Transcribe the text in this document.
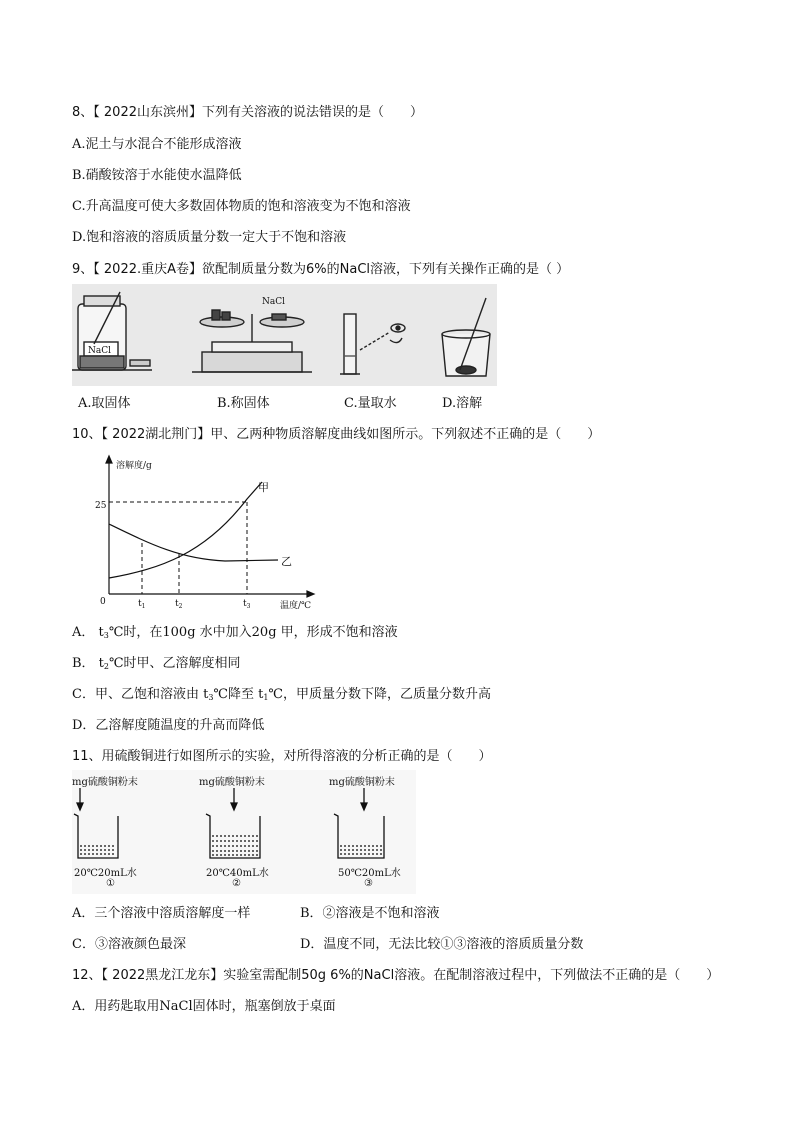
8、【 2022山东滨州】下列有关溶液的说法错误的是（　　）
A.泥土与水混合不能形成溶液
B.硝酸铵溶于水能使水温降低
C.升高温度可使大多数固体物质的饱和溶液变为不饱和溶液
D.饱和溶液的溶质质量分数一定大于不饱和溶液
9、【 2022.重庆A卷】欲配制质量分数为6%的NaCl溶液，下列有关操作正确的是（ ）
NaCl
NaCl
A.取固体	B.称固体	C.量取水	D.溶解
10、【 2022湖北荆门】甲、乙两种物质溶解度曲线如图所示。下列叙述不正确的是（　　）
溶解度/g
25
0
甲
乙
$t_1$	$t_2$	$t_3$	温度/℃
A． $t_3℃$时，在100g 水中加入20g 甲，形成不饱和溶液
B． $t_2℃$时甲、乙溶解度相同
C．甲、乙饱和溶液由 $t_3℃$降至 $t_1℃$，甲质量分数下降，乙质量分数升高
D．乙溶解度随温度的升高而降低
11、用硫酸铜进行如图所示的实验，对所得溶液的分析正确的是（　　）
mg硫酸铜粉末	mg硫酸铜粉末	mg硫酸铜粉末
20℃20mL水	20℃40mL水	50℃20mL水
①	②	③
A．三个溶液中溶质溶解度一样	B．②溶液是不饱和溶液
C．③溶液颜色最深	D．温度不同，无法比较①③溶液的溶质质量分数
12、【 2022黑龙江龙东】实验室需配制50g 6%的NaCl溶液。在配制溶液过程中，下列做法不正确的是（　　）
A．用药匙取用NaCl固体时，瓶塞倒放于桌面
